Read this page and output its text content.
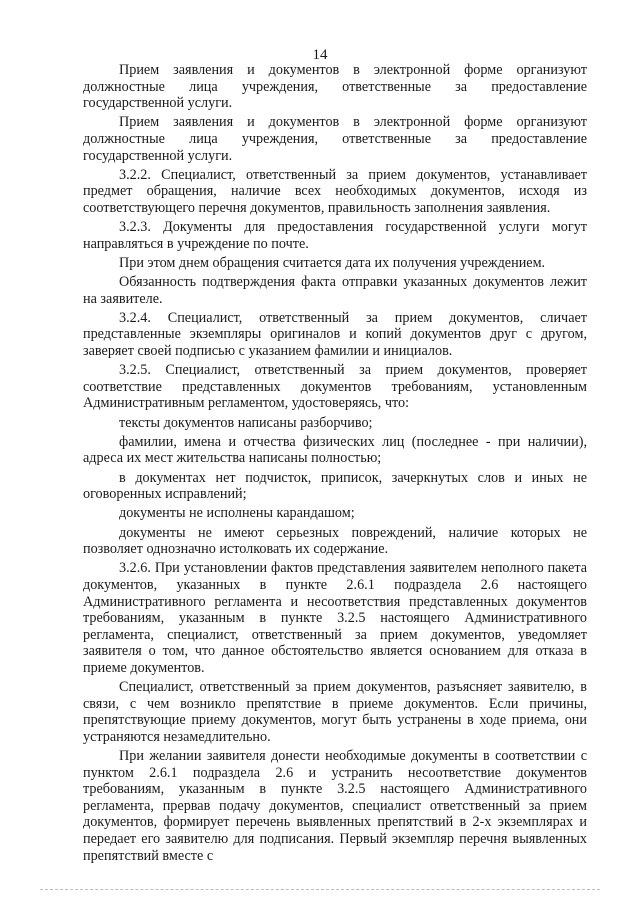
14

Прием заявления и документов в электронной форме организуют должностные лица учреждения, ответственные за предоставление государственной услуги.

Прием заявления и документов в электронной форме организуют должностные лица учреждения, ответственные за предоставление государственной услуги.

3.2.2. Специалист, ответственный за прием документов, устанавливает предмет обращения, наличие всех необходимых документов, исходя из соответствующего перечня документов, правильность заполнения заявления.

3.2.3. Документы для предоставления государственной услуги могут направляться в учреждение по почте.

При этом днем обращения считается дата их получения учреждением.

Обязанность подтверждения факта отправки указанных документов лежит на заявителе.

3.2.4. Специалист, ответственный за прием документов, сличает представленные экземпляры оригиналов и копий документов друг с другом, заверяет своей подписью с указанием фамилии и инициалов.

3.2.5. Специалист, ответственный за прием документов, проверяет соответствие представленных документов требованиям, установленным Административным регламентом, удостоверяясь, что:

тексты документов написаны разборчиво;

фамилии, имена и отчества физических лиц (последнее - при наличии), адреса их мест жительства написаны полностью;

в документах нет подчисток, приписок, зачеркнутых слов и иных не оговоренных исправлений;

документы не исполнены карандашом;

документы не имеют серьезных повреждений, наличие которых не позволяет однозначно истолковать их содержание.

3.2.6. При установлении фактов представления заявителем неполного пакета документов, указанных в пункте 2.6.1 подраздела 2.6 настоящего Административного регламента и несоответствия представленных документов требованиям, указанным в пункте 3.2.5 настоящего Административного регламента, специалист, ответственный за прием документов, уведомляет заявителя о том, что данное обстоятельство является основанием для отказа в приеме документов.

Специалист, ответственный за прием документов, разъясняет заявителю, в связи, с чем возникло препятствие в приеме документов. Если причины, препятствующие приему документов, могут быть устранены в ходе приема, они устраняются незамедлительно.

При желании заявителя донести необходимые документы в соответствии с пунктом 2.6.1 подраздела 2.6 и устранить несоответствие документов требованиям, указанным в пункте 3.2.5 настоящего Административного регламента, прервав подачу документов, специалист ответственный за прием документов, формирует перечень выявленных препятствий в 2-х экземплярах и передает его заявителю для подписания. Первый экземпляр перечня выявленных препятствий вместе с
